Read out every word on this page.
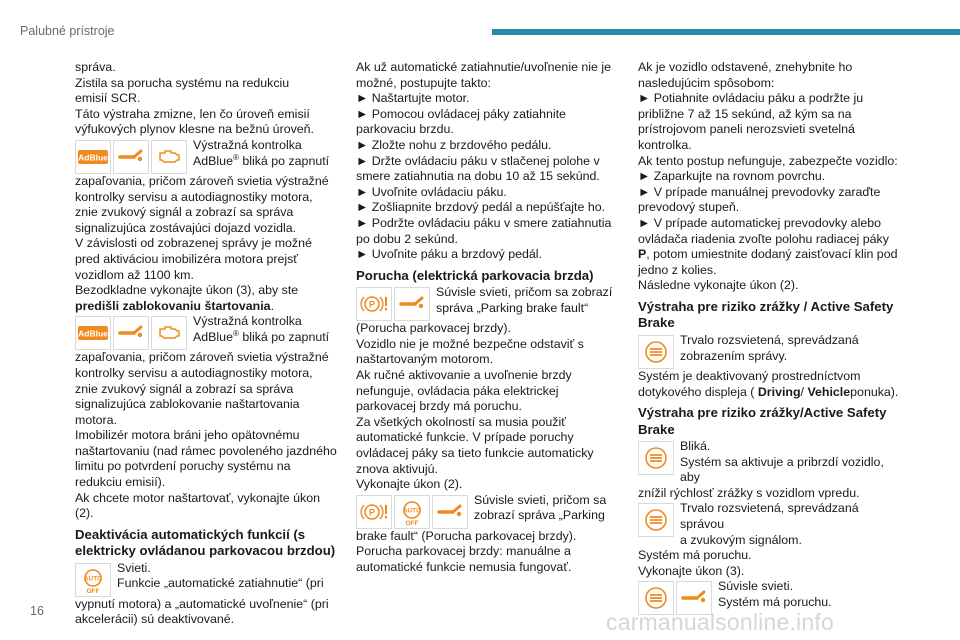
Palubné prístroje

správa.

Zistila sa porucha systému na redukciu

emisií SCR.

Táto výstraha zmizne, len čo úroveň emisií

výfukových plynov klesne na bežnú úroveň.

AdBlue

Výstražná kontrolka
AdBlue® bliká po zapnutí

zapaľovania, pričom zároveň svietia výstražné kontrolky servisu a autodiagnostiky motora, znie zvukový signál a zobrazí sa správa signalizujúca zostávajúci dojazd vozidla.

V závislosti od zobrazenej správy je možné pred aktiváciou imobilizéra motora prejsť vozidlom až 1100 km.

Bezodkladne vykonajte úkon (3), aby ste
predišli zablokovaniu štartovania.

AdBlue

Výstražná kontrolka
AdBlue® bliká po zapnutí

zapaľovania, pričom zároveň svietia výstražné kontrolky servisu a autodiagnostiky motora, znie zvukový signál a zobrazí sa správa signalizujúca zablokovanie naštartovania motora.

Imobilizér motora bráni jeho opätovnému naštartovaniu (nad rámec povoleného jazdného limitu po potvrdení poruchy systému na redukciu emisií).

Ak chcete motor naštartovať, vykonajte úkon (2).

Deaktivácia automatických funkcií (s elektricky ovládanou parkovacou brzdou)
AUTO
OFF

Svieti.
Funkcie „automatické zatiahnutie“ (pri

vypnutí motora) a „automatické uvoľnenie“ (pri akcelerácii) sú deaktivované.

Ak už automatické zatiahnutie/uvoľnenie nie je možné, postupujte takto:

► Naštartujte motor.

► Pomocou ovládacej páky zatiahnite parkovaciu brzdu.

► Zložte nohu z brzdového pedálu.

► Držte ovládaciu páku v stlačenej polohe v smere zatiahnutia na dobu 10 až 15 sekúnd.

► Uvoľnite ovládaciu páku.

► Zošliapnite brzdový pedál a nepúšťajte ho.

► Podržte ovládaciu páku v smere zatiahnutia po dobu 2 sekúnd.

► Uvoľnite páku a brzdový pedál.

Porucha (elektrická parkovacia brzda)
P

Súvisle svieti, pričom sa zobrazí
správa „Parking brake fault“

(Porucha parkovacej brzdy).

Vozidlo nie je možné bezpečne odstaviť s naštartovaným motorom.

Ak ručné aktivovanie a uvoľnenie brzdy nefunguje, ovládacia páka elektrickej parkovacej brzdy má poruchu.

Za všetkých okolností sa musia použiť automatické funkcie. V prípade poruchy ovládacej páky sa tieto funkcie automaticky znova aktivujú.

Vykonajte úkon (2).

P	AUTO
OFF

Súvisle svieti, pričom sa
zobrazí správa „Parking

brake fault“ (Porucha parkovacej brzdy).

Porucha parkovacej brzdy: manuálne a automatické funkcie nemusia fungovať.

Ak je vozidlo odstavené, znehybnite ho nasledujúcim spôsobom:

► Potiahnite ovládaciu páku a podržte ju približne 7 až 15 sekúnd, až kým sa na prístrojovom paneli nerozsvieti svetelná kontrolka.

Ak tento postup nefunguje, zabezpečte vozidlo:

► Zaparkujte na rovnom povrchu.

► V prípade manuálnej prevodovky zaraďte prevodový stupeň.

► V prípade automatickej prevodovky alebo ovládača riadenia zvoľte polohu radiacej páky P, potom umiestnite dodaný zaisťovací klin pod jedno z kolies.

Následne vykonajte úkon (2).

Výstraha pre riziko zrážky / Active Safety Brake

Trvalo rozsvietená, sprevádzaná
zobrazením správy.

Systém je deaktivovaný prostredníctvom dotykového displeja ( Driving/ Vehicleponuka).

Výstraha pre riziko zrážky/Active Safety Brake

Bliká.
Systém sa aktivuje a pribrzdí vozidlo, aby

znížil rýchlosť zrážky s vozidlom vpredu.

Trvalo rozsvietená, sprevádzaná správou
a zvukovým signálom.

Systém má poruchu.

Vykonajte úkon (3).

Súvisle svieti.
Systém má poruchu.

16	carmanualsonline.info
